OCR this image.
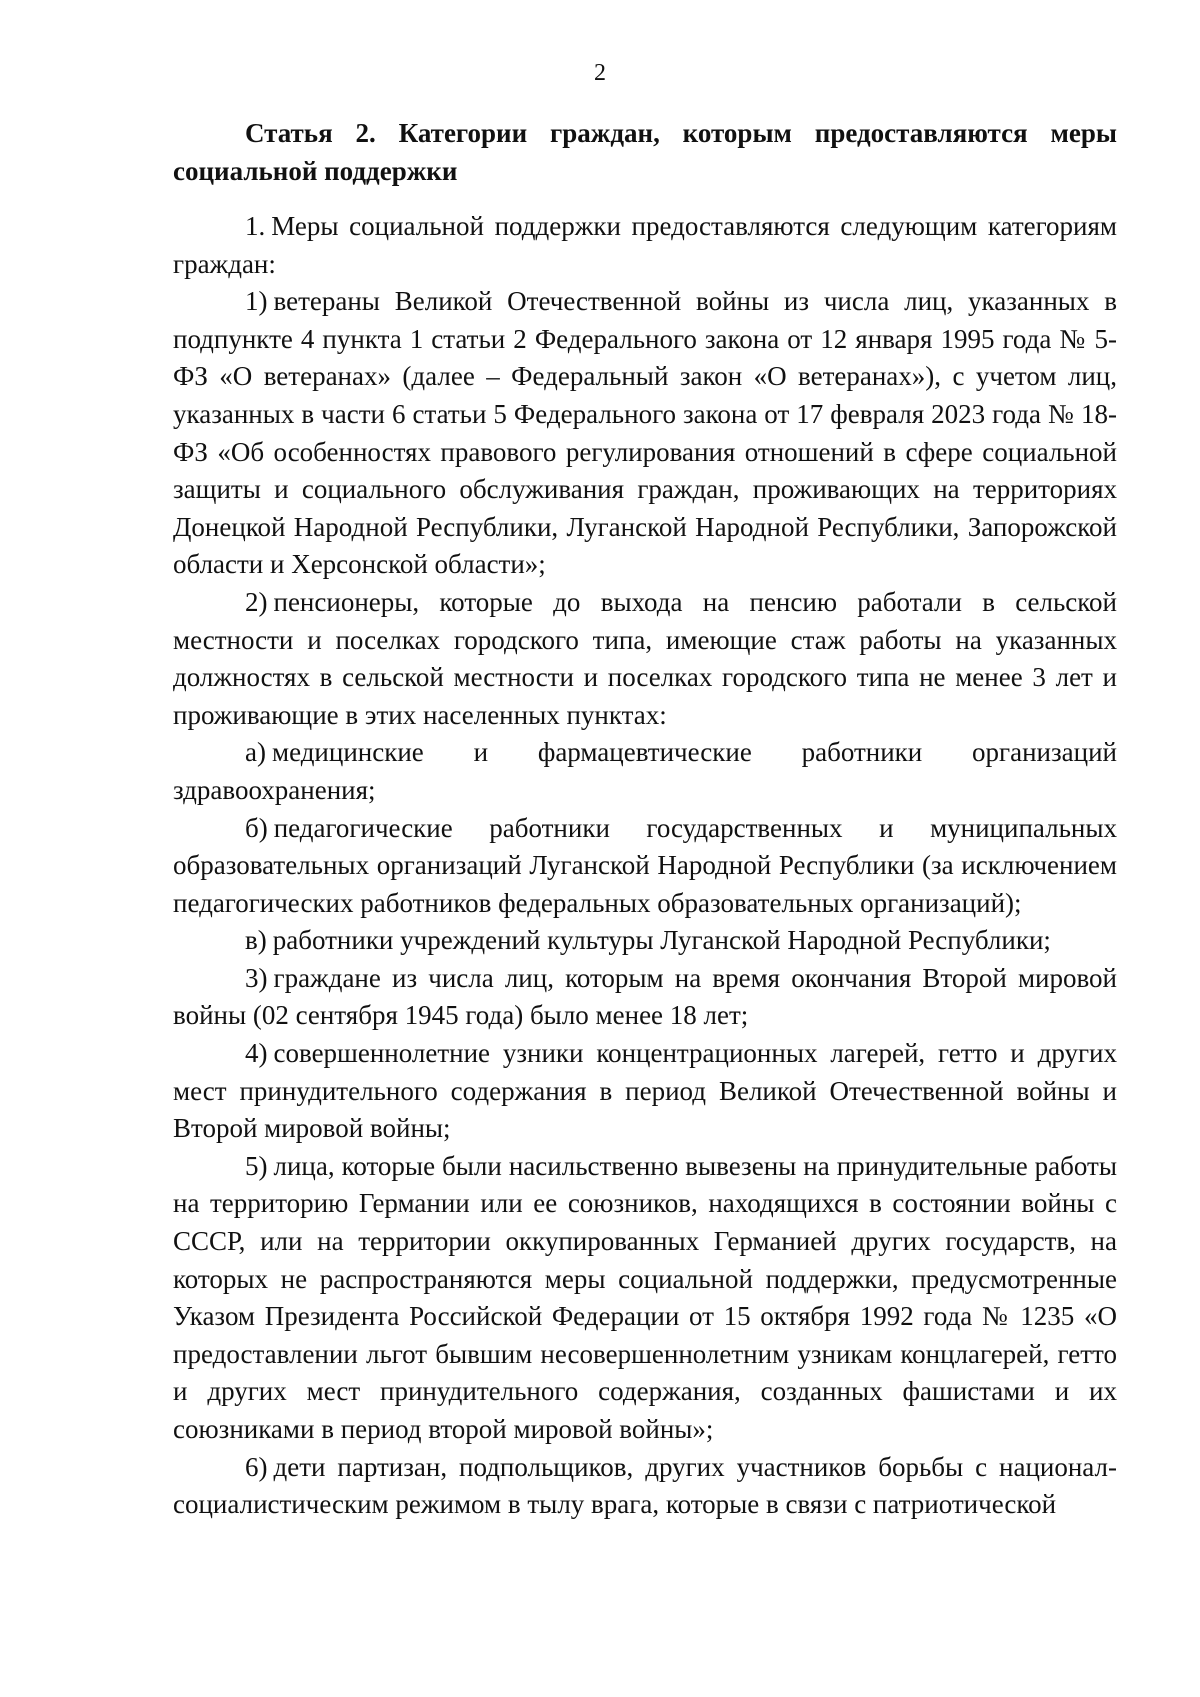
2

Статья 2. Категории граждан, которым предоставляются меры социальной поддержки

1. Меры социальной поддержки предоставляются следующим категориям граждан:

1) ветераны Великой Отечественной войны из числа лиц, указанных в подпункте 4 пункта 1 статьи 2 Федерального закона от 12 января 1995 года № 5-ФЗ «О ветеранах» (далее – Федеральный закон «О ветеранах»), с учетом лиц, указанных в части 6 статьи 5 Федерального закона от 17 февраля 2023 года № 18-ФЗ «Об особенностях правового регулирования отношений в сфере социальной защиты и социального обслуживания граждан, проживающих на территориях Донецкой Народной Республики, Луганской Народной Республики, Запорожской области и Херсонской области»;

2) пенсионеры, которые до выхода на пенсию работали в сельской местности и поселках городского типа, имеющие стаж работы на указанных должностях в сельской местности и поселках городского типа не менее 3 лет и проживающие в этих населенных пунктах:

а) медицинские и фармацевтические работники организаций здравоохранения;

б) педагогические работники государственных и муниципальных образовательных организаций Луганской Народной Республики (за исключением педагогических работников федеральных образовательных организаций);

в) работники учреждений культуры Луганской Народной Республики;

3) граждане из числа лиц, которым на время окончания Второй мировой войны (02 сентября 1945 года) было менее 18 лет;

4) совершеннолетние узники концентрационных лагерей, гетто и других мест принудительного содержания в период Великой Отечественной войны и Второй мировой войны;

5) лица, которые были насильственно вывезены на принудительные работы на территорию Германии или ее союзников, находящихся в состоянии войны с СССР, или на территории оккупированных Германией других государств, на которых не распространяются меры социальной поддержки, предусмотренные Указом Президента Российской Федерации от 15 октября 1992 года № 1235 «О предоставлении льгот бывшим несовершеннолетним узникам концлагерей, гетто и других мест принудительного содержания, созданных фашистами и их союзниками в период второй мировой войны»;

6) дети партизан, подпольщиков, других участников борьбы с национал-социалистическим режимом в тылу врага, которые в связи с патриотической
